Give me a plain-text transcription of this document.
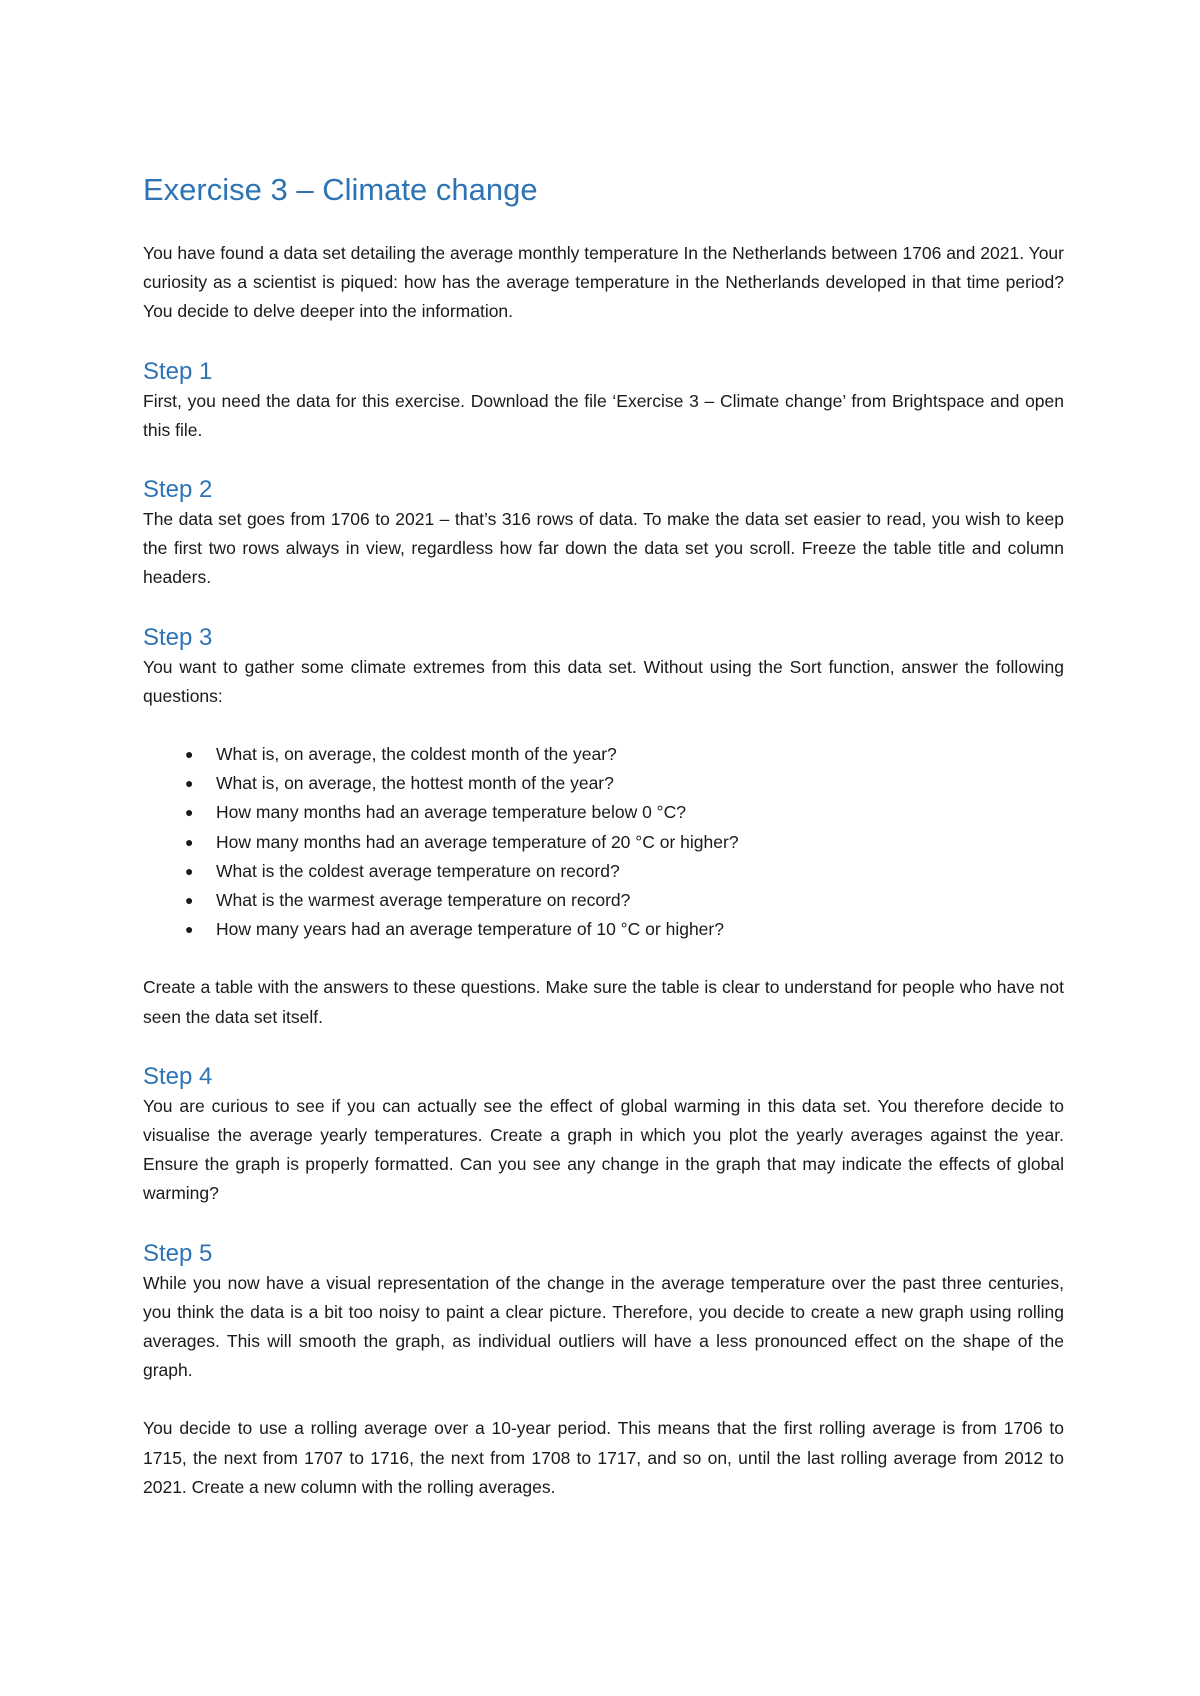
Exercise 3 – Climate change

You have found a data set detailing the average monthly temperature In the Netherlands between 1706 and 2021. Your curiosity as a scientist is piqued: how has the average temperature in the Netherlands developed in that time period? You decide to delve deeper into the information.

Step 1

First, you need the data for this exercise. Download the file ‘Exercise 3 – Climate change’ from Brightspace and open this file.

Step 2

The data set goes from 1706 to 2021 – that’s 316 rows of data. To make the data set easier to read, you wish to keep the first two rows always in view, regardless how far down the data set you scroll. Freeze the table title and column headers.

Step 3

You want to gather some climate extremes from this data set. Without using the Sort function, answer the following questions:

● What is, on average, the coldest month of the year?
● What is, on average, the hottest month of the year?
● How many months had an average temperature below 0 °C?
● How many months had an average temperature of 20 °C or higher?
● What is the coldest average temperature on record?
● What is the warmest average temperature on record?
● How many years had an average temperature of 10 °C or higher?

Create a table with the answers to these questions. Make sure the table is clear to understand for people who have not seen the data set itself.

Step 4

You are curious to see if you can actually see the effect of global warming in this data set. You therefore decide to visualise the average yearly temperatures. Create a graph in which you plot the yearly averages against the year. Ensure the graph is properly formatted. Can you see any change in the graph that may indicate the effects of global warming?

Step 5

While you now have a visual representation of the change in the average temperature over the past three centuries, you think the data is a bit too noisy to paint a clear picture. Therefore, you decide to create a new graph using rolling averages. This will smooth the graph, as individual outliers will have a less pronounced effect on the shape of the graph.

You decide to use a rolling average over a 10-year period. This means that the first rolling average is from 1706 to 1715, the next from 1707 to 1716, the next from 1708 to 1717, and so on, until the last rolling average from 2012 to 2021. Create a new column with the rolling averages.
